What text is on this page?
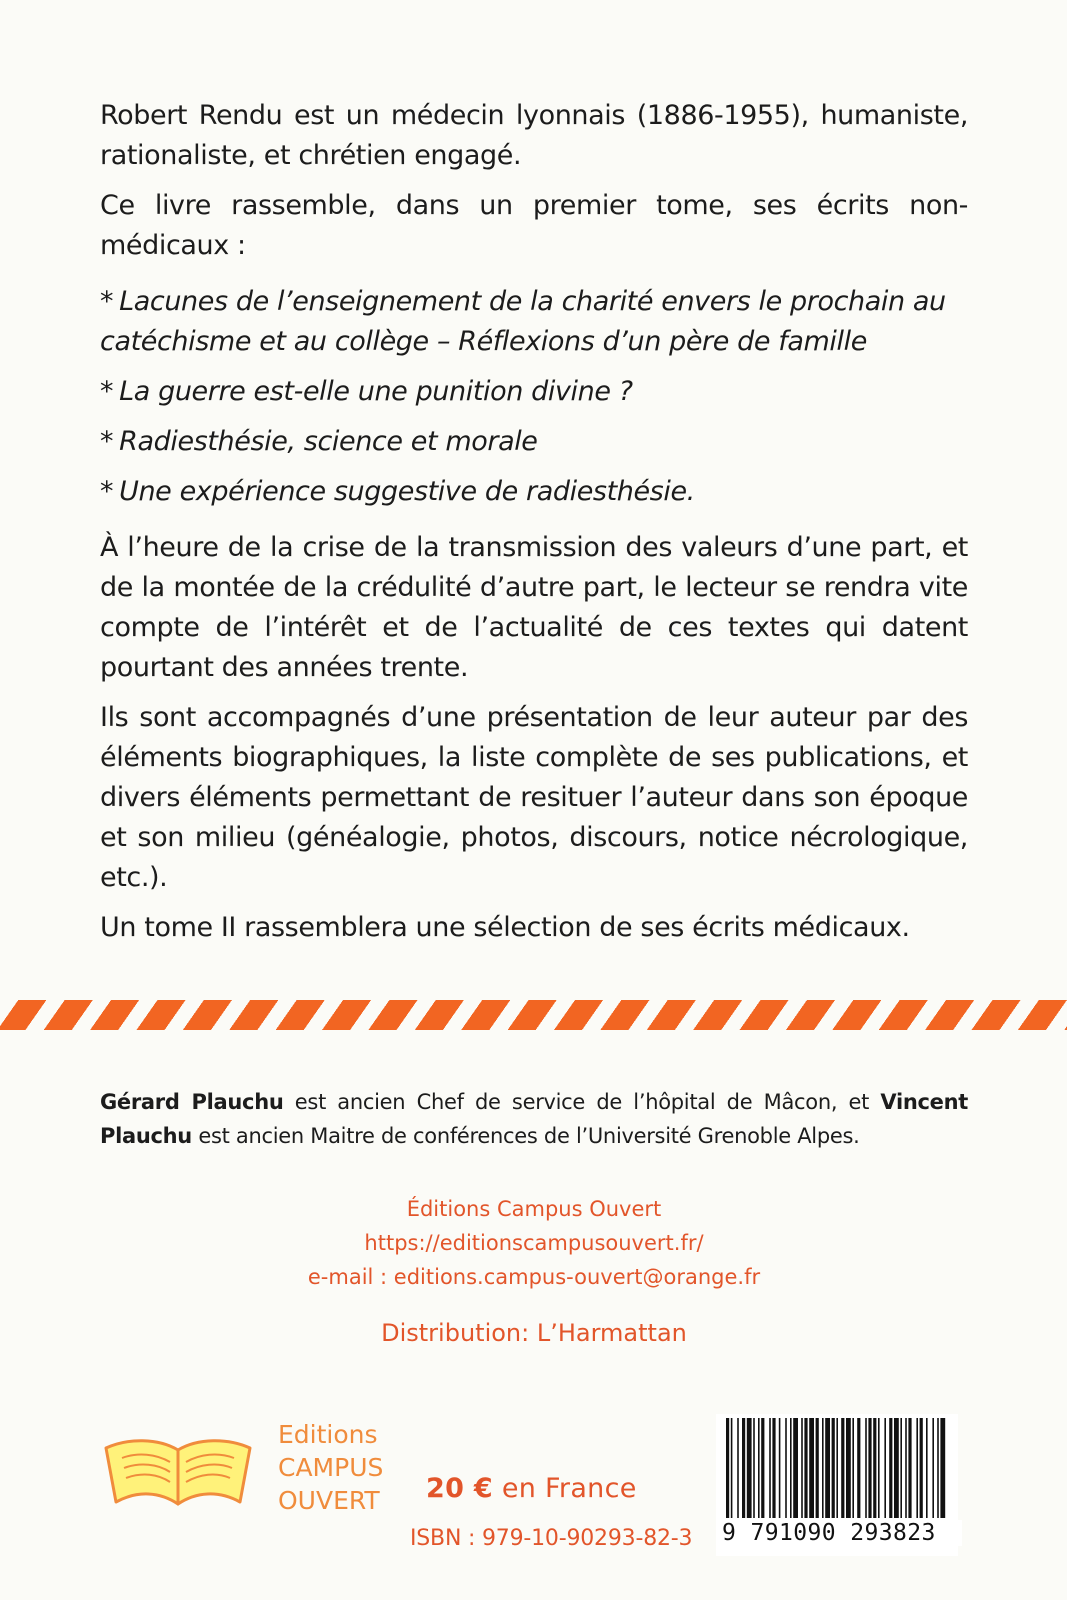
Robert Rendu est un médecin lyonnais (1886-1955), humaniste, rationaliste, et chrétien engagé.

Ce livre rassemble, dans un premier tome, ses écrits non-médicaux :

* Lacunes de l’enseignement de la charité envers le prochain au catéchisme et au collège – Réflexions d’un père de famille
* La guerre est-elle une punition divine ?
* Radiesthésie, science et morale
* Une expérience suggestive de radiesthésie.

À l’heure de la crise de la transmission des valeurs d’une part, et de la montée de la crédulité d’autre part, le lecteur se rendra vite compte de l’intérêt et de l’actualité de ces textes qui datent pourtant des années trente.

Ils sont accompagnés d’une présentation de leur auteur par des éléments biographiques, la liste complète de ses publications, et divers éléments permettant de resituer l’auteur dans son époque et son milieu (généalogie, photos, discours, notice nécrologique, etc.).

Un tome II rassemblera une sélection de ses écrits médicaux.

Gérard Plauchu est ancien Chef de service de l’hôpital de Mâcon, et Vincent Plauchu est ancien Maitre de conférences de l’Université Grenoble Alpes.
Éditions Campus Ouvert
https://editionscampusouvert.fr/
e-mail : editions.campus-ouvert@orange.fr
Distribution: L’Harmattan
Editions
CAMPUS
OUVERT 20 € en France
ISBN : 979-10-90293-82-3 9 791090 293823
